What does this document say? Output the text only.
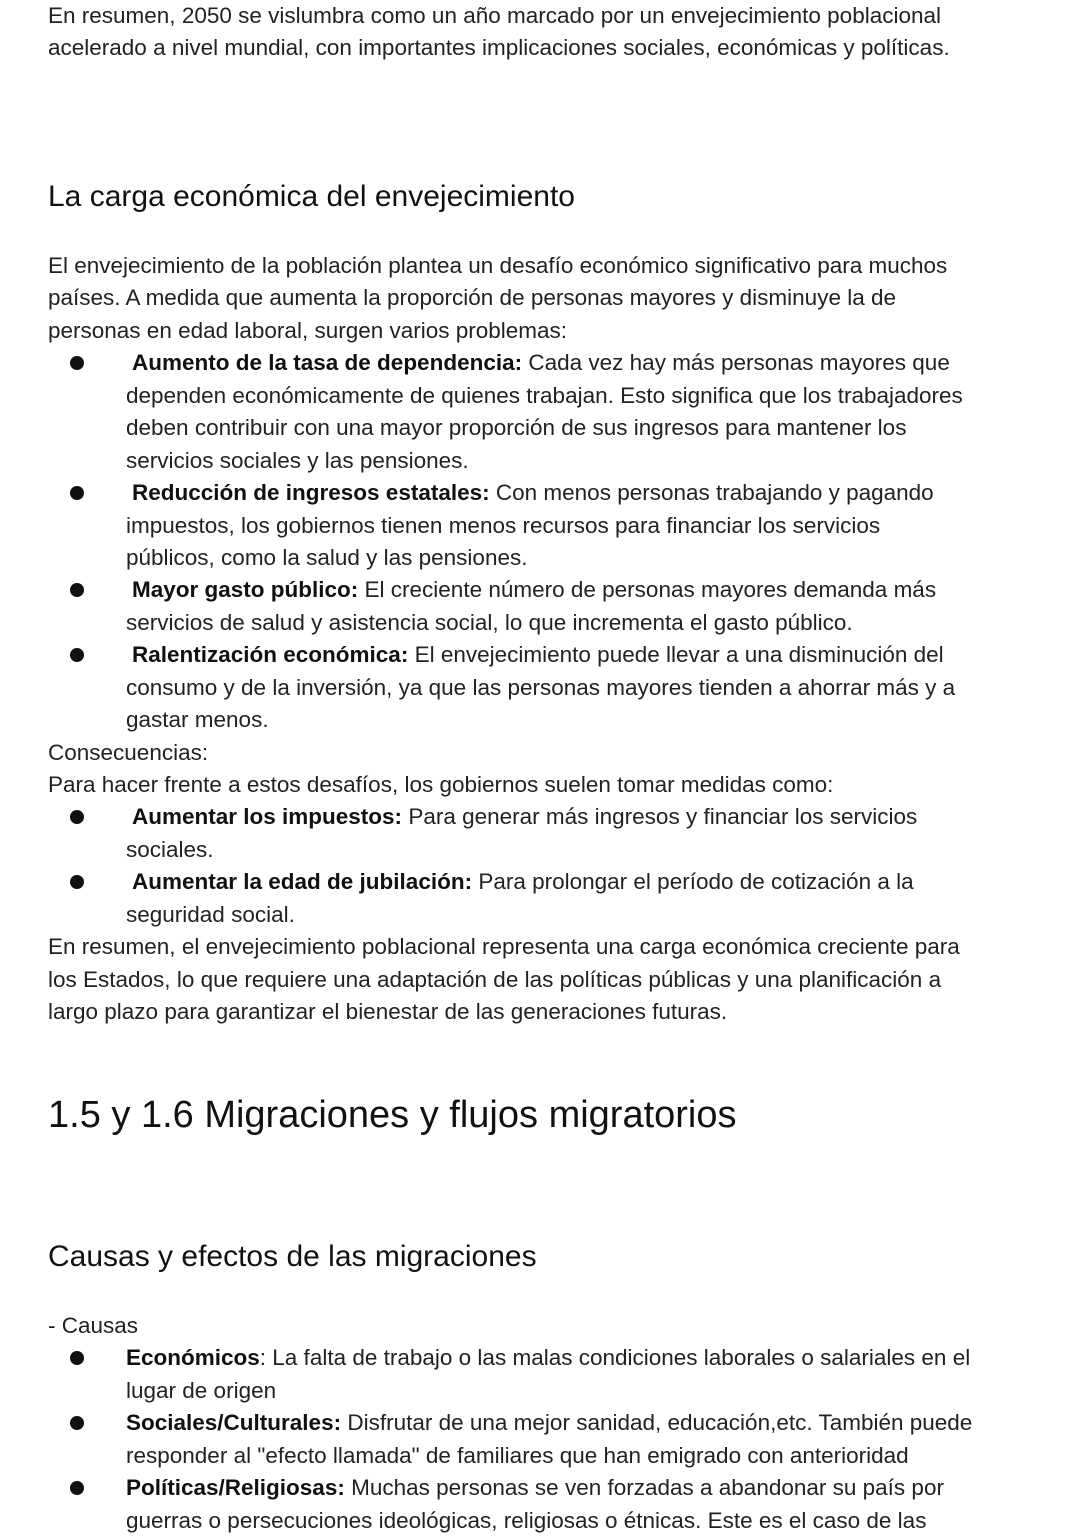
En resumen, 2050 se vislumbra como un año marcado por un envejecimiento poblacional
acelerado a nivel mundial, con importantes implicaciones sociales, económicas y políticas.
La carga económica del envejecimiento
El envejecimiento de la población plantea un desafío económico significativo para muchos
países. A medida que aumenta la proporción de personas mayores y disminuye la de
personas en edad laboral, surgen varios problemas:
Aumento de la tasa de dependencia: Cada vez hay más personas mayores que
dependen económicamente de quienes trabajan. Esto significa que los trabajadores
deben contribuir con una mayor proporción de sus ingresos para mantener los
servicios sociales y las pensiones.
Reducción de ingresos estatales: Con menos personas trabajando y pagando
impuestos, los gobiernos tienen menos recursos para financiar los servicios
públicos, como la salud y las pensiones.
Mayor gasto público: El creciente número de personas mayores demanda más
servicios de salud y asistencia social, lo que incrementa el gasto público.
Ralentización económica: El envejecimiento puede llevar a una disminución del
consumo y de la inversión, ya que las personas mayores tienden a ahorrar más y a
gastar menos.
Consecuencias:
Para hacer frente a estos desafíos, los gobiernos suelen tomar medidas como:
Aumentar los impuestos: Para generar más ingresos y financiar los servicios
sociales.
Aumentar la edad de jubilación: Para prolongar el período de cotización a la
seguridad social.
En resumen, el envejecimiento poblacional representa una carga económica creciente para
los Estados, lo que requiere una adaptación de las políticas públicas y una planificación a
largo plazo para garantizar el bienestar de las generaciones futuras.
1.5 y 1.6 Migraciones y flujos migratorios
Causas y efectos de las migraciones
- Causas
Económicos: La falta de trabajo o las malas condiciones laborales o salariales en el
lugar de origen
Sociales/Culturales: Disfrutar de una mejor sanidad, educación,etc. También puede
responder al "efecto llamada" de familiares que han emigrado con anterioridad
Políticas/Religiosas: Muchas personas se ven forzadas a abandonar su país por
guerras o persecuciones ideológicas, religiosas o étnicas. Este es el caso de las
